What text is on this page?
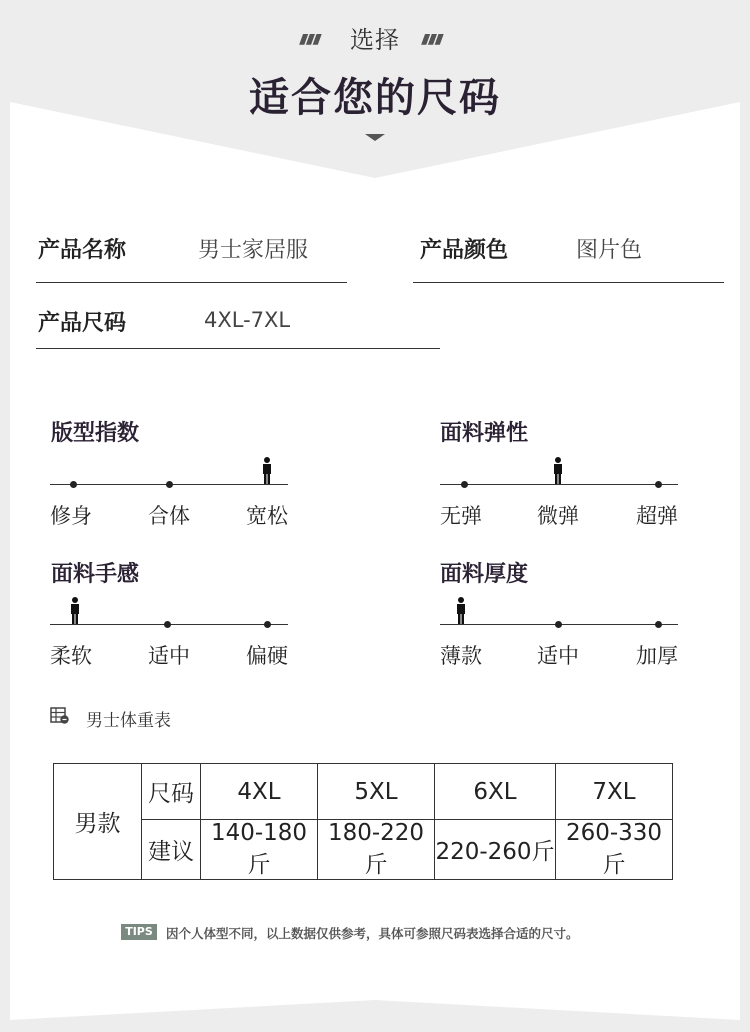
▮▮▮	▮▮▮
选择
适合您的尺码
产品名称	男士家居服	产品颜色	图片色
产品尺码	4XL-7XL
版型指数
修身	合体	宽松
面料弹性
无弹	微弹	超弹
面料手感
柔软	适中	偏硬
面料厚度
薄款	适中	加厚
男士体重表
男款	尺码	4XL	5XL	6XL	7XL
	建议	140-180斤	180-220斤	220-260斤	260-330斤
TIPS	因个人体型不同，以上数据仅供参考，具体可参照尺码表选择合适的尺寸。
